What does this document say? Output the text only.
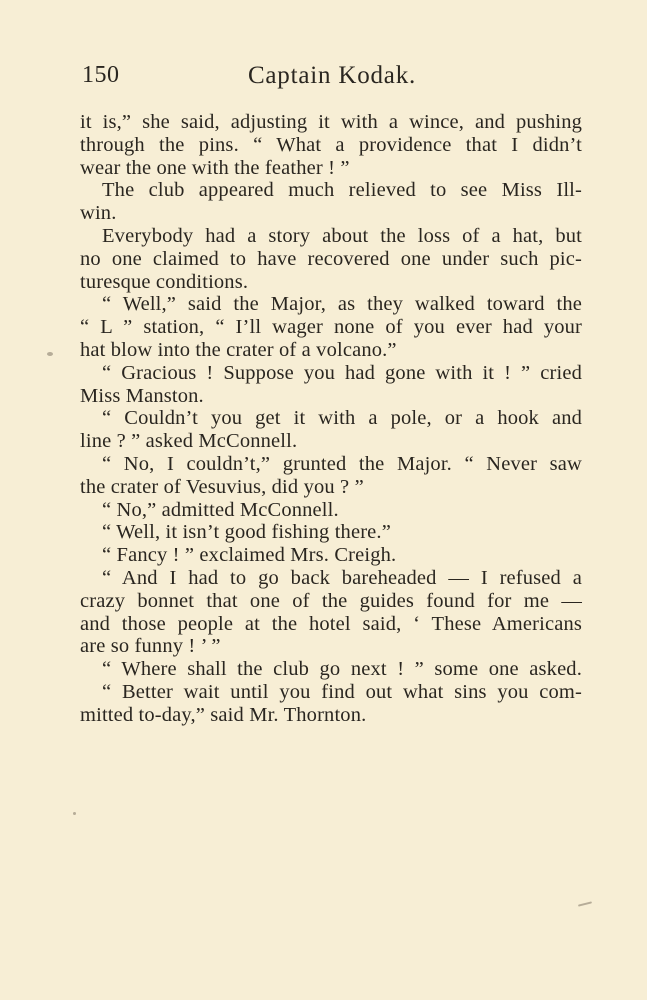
150	Captain Kodak.
it is,” she said, adjusting it with a wince, and pushing
through the pins. “ What a providence that I didn’t
wear the one with the feather ! ”
The club appeared much relieved to see Miss Ill-
win.
Everybody had a story about the loss of a hat, but
no one claimed to have recovered one under such pic-
turesque conditions.
“ Well,” said the Major, as they walked toward the
“ L ” station, “ I’ll wager none of you ever had your
hat blow into the crater of a volcano.”
“ Gracious ! Suppose you had gone with it ! ” cried
Miss Manston.
“ Couldn’t you get it with a pole, or a hook and
line ? ” asked McConnell.
“ No, I couldn’t,” grunted the Major. “ Never saw
the crater of Vesuvius, did you ? ”
“ No,” admitted McConnell.
“ Well, it isn’t good fishing there.”
“ Fancy ! ” exclaimed Mrs. Creigh.
“ And I had to go back bareheaded — I refused a
crazy bonnet that one of the guides found for me —
and those people at the hotel said, ‘ These Americans
are so funny ! ’ ”
“ Where shall the club go next ! ” some one asked.
“ Better wait until you find out what sins you com-
mitted to-day,” said Mr. Thornton.
